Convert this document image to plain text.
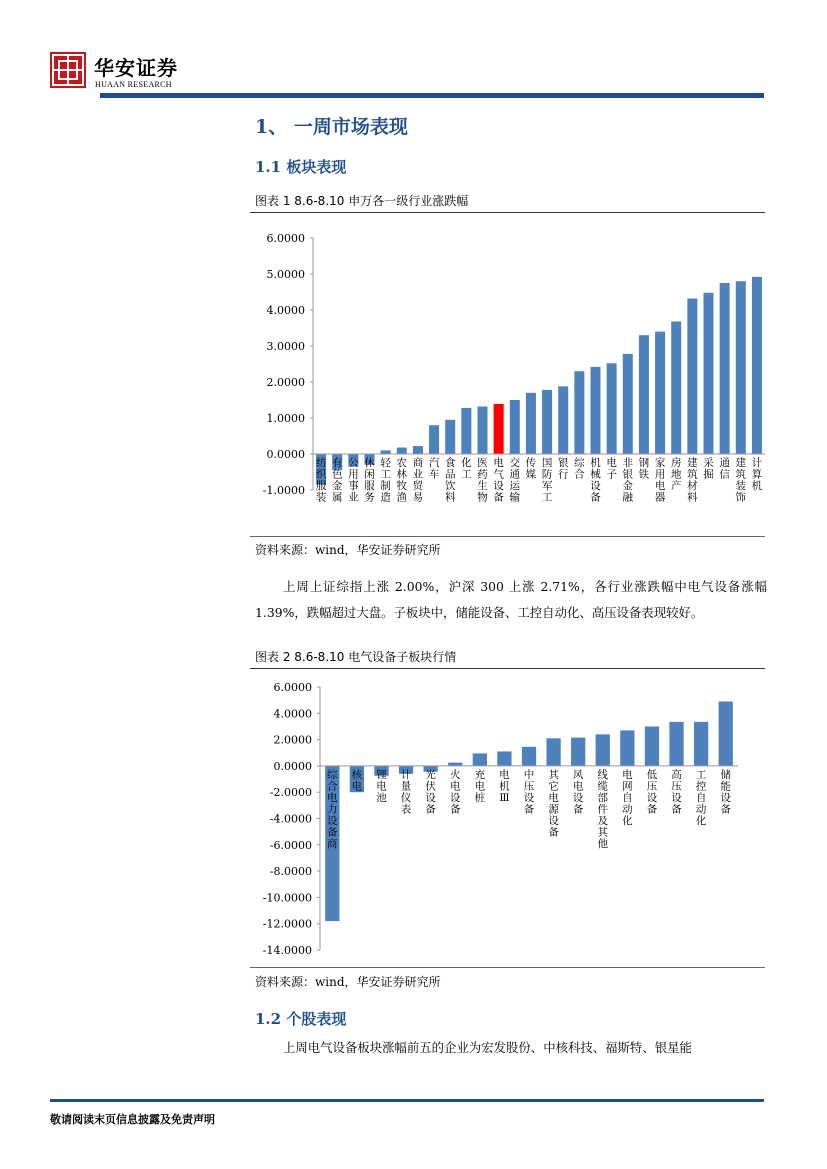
华安证券
HUAAN RESEARCH
1、 一周市场表现
1.1 板块表现
图表 1 8.6-8.10 申万各一级行业涨跌幅
6.0000
5.0000
4.0000
3.0000
2.0000
1.0000
0.0000
-1.0000
纺织服装
有色金属
公用事业
休闲服务
轻工制造
农林牧渔
商业贸易
汽车
食品饮料
化工
医药生物
电气设备
交通运输
传媒
国防军工
银行
综合
机械设备
电子
非银金融
钢铁
家用电器
房地产
建筑材料
采掘
通信
建筑装饰
计算机
资料来源：wind，华安证券研究所
上周上证综指上涨 2.00%，沪深 300 上涨 2.71%，各行业涨跌幅中电气设备涨幅 1.39%，跌幅超过大盘。子板块中，储能设备、工控自动化、高压设备表现较好。
图表 2 8.6-8.10 电气设备子板块行情
6.0000
4.0000
2.0000
0.0000
-2.0000
-4.0000
-6.0000
-8.0000
-10.0000
-12.0000
-14.0000
综合电力设备商
核电
锂电池
计量仪表
光伏设备
火电设备
充电桩
电机 Ⅲ
中压设备
其它电源设备
风电设备
线缆部件及其他
电网自动化
低压设备
高压设备
工控自动化
储能设备
资料来源：wind，华安证券研究所
1.2 个股表现
上周电气设备板块涨幅前五的企业为宏发股份、中核科技、福斯特、银星能
敬请阅读末页信息披露及免责声明
